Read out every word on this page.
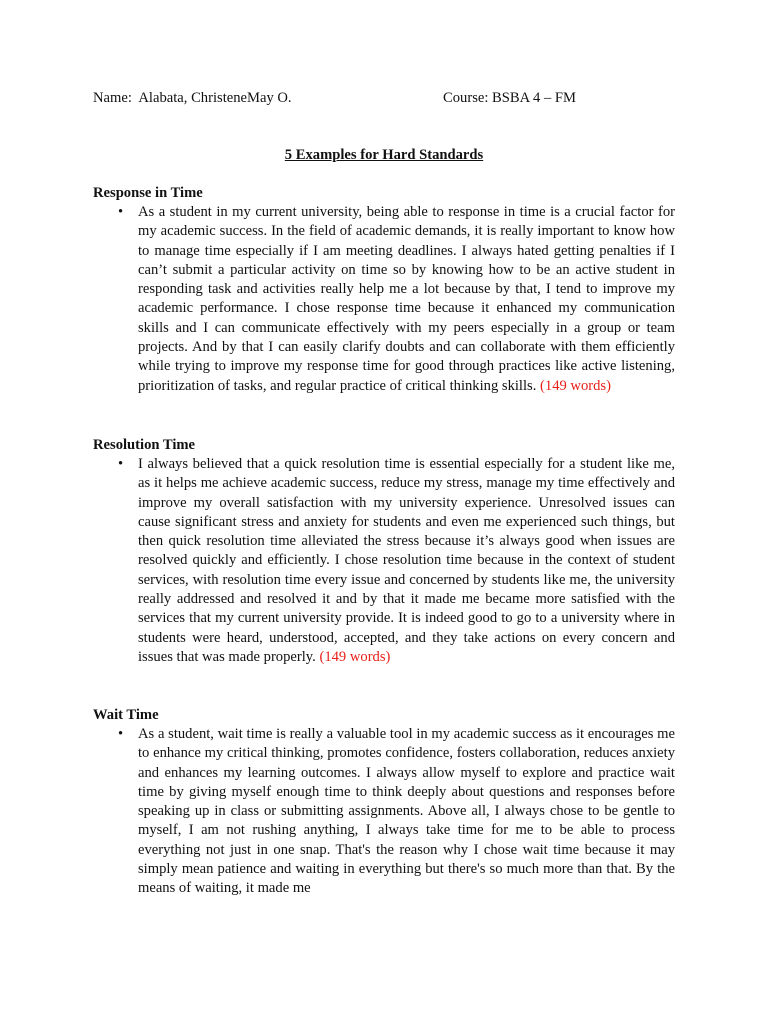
Name:  Alabata, ChristeneMay O.	Course: BSBA 4 – FM
5 Examples for Hard Standards
Response in Time
• As a student in my current university, being able to response in time is a crucial factor for my academic success. In the field of academic demands, it is really important to know how to manage time especially if I am meeting deadlines. I always hated getting penalties if I can’t submit a particular activity on time so by knowing how to be an active student in responding task and activities really help me a lot because by that, I tend to improve my academic performance. I chose response time because it enhanced my communication skills and I can communicate effectively with my peers especially in a group or team projects. And by that I can easily clarify doubts and can collaborate with them efficiently while trying to improve my response time for good through practices like active listening, prioritization of tasks, and regular practice of critical thinking skills. (149 words)
Resolution Time
• I always believed that a quick resolution time is essential especially for a student like me, as it helps me achieve academic success, reduce my stress, manage my time effectively and improve my overall satisfaction with my university experience. Unresolved issues can cause significant stress and anxiety for students and even me experienced such things, but then quick resolution time alleviated the stress because it’s always good when issues are resolved quickly and efficiently. I chose resolution time because in the context of student services, with resolution time every issue and concerned by students like me, the university really addressed and resolved it and by that it made me became more satisfied with the services that my current university provide. It is indeed good to go to a university where in students were heard, understood, accepted, and they take actions on every concern and issues that was made properly. (149 words)
Wait Time
• As a student, wait time is really a valuable tool in my academic success as it encourages me to enhance my critical thinking, promotes confidence, fosters collaboration, reduces anxiety and enhances my learning outcomes. I always allow myself to explore and practice wait time by giving myself enough time to think deeply about questions and responses before speaking up in class or submitting assignments. Above all, I always chose to be gentle to myself, I am not rushing anything, I always take time for me to be able to process everything not just in one snap. That's the reason why I chose wait time because it may simply mean patience and waiting in everything but there's so much more than that. By the means of waiting, it made me
